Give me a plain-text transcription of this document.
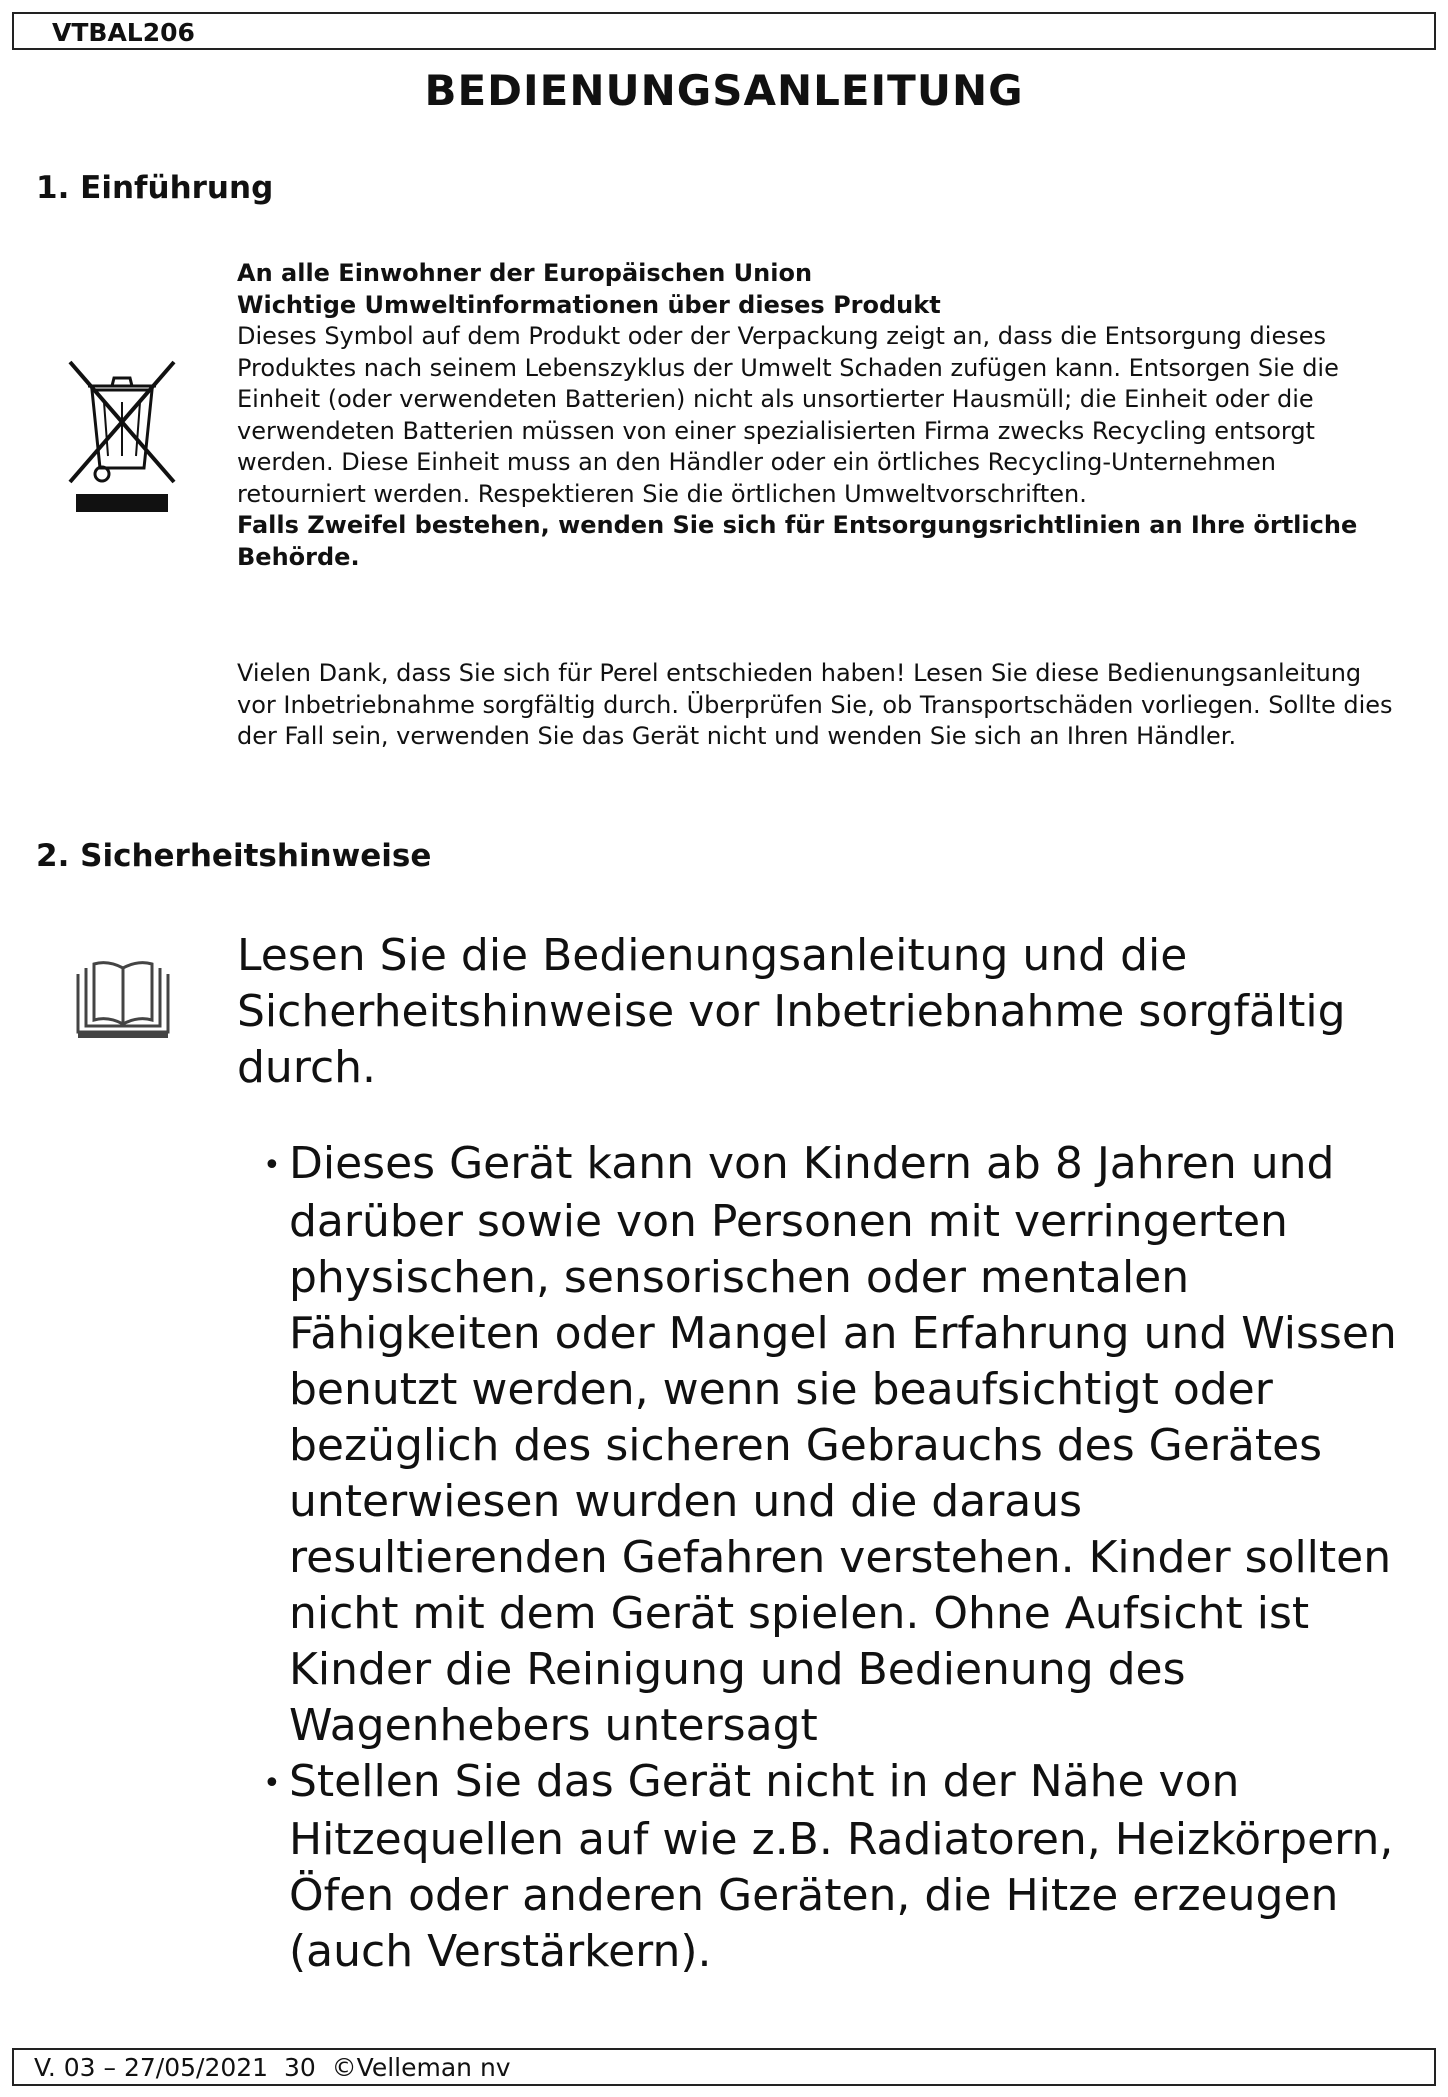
VTBAL206
BEDIENUNGSANLEITUNG
1. Einführung

An alle Einwohner der Europäischen Union

Wichtige Umweltinformationen über dieses Produkt

Dieses Symbol auf dem Produkt oder der Verpackung zeigt an, dass die Entsorgung dieses Produktes nach seinem Lebenszyklus der Umwelt Schaden zufügen kann. Entsorgen Sie die Einheit (oder verwendeten Batterien) nicht als unsortierter Hausmüll; die Einheit oder die verwendeten Batterien müssen von einer spezialisierten Firma zwecks Recycling entsorgt werden. Diese Einheit muss an den Händler oder ein örtliches Recycling-Unternehmen retourniert werden. Respektieren Sie die örtlichen Umweltvorschriften.

Falls Zweifel bestehen, wenden Sie sich für Entsorgungsrichtlinien an Ihre örtliche Behörde.

Vielen Dank, dass Sie sich für Perel entschieden haben! Lesen Sie diese Bedienungsanleitung vor Inbetriebnahme sorgfältig durch. Überprüfen Sie, ob Transportschäden vorliegen. Sollte dies der Fall sein, verwenden Sie das Gerät nicht und wenden Sie sich an Ihren Händler.
2. Sicherheitshinweise
Lesen Sie die Bedienungsanleitung und die Sicherheitshinweise vor Inbetriebnahme sorgfältig durch.
• Dieses Gerät kann von Kindern ab 8 Jahren und darüber sowie von Personen mit verringerten physischen, sensorischen oder mentalen Fähigkeiten oder Mangel an Erfahrung und Wissen benutzt werden, wenn sie beaufsichtigt oder bezüglich des sicheren Gebrauchs des Gerätes unterwiesen wurden und die daraus resultierenden Gefahren verstehen. Kinder sollten nicht mit dem Gerät spielen. Ohne Aufsicht ist Kinder die Reinigung und Bedienung des Wagenhebers untersagt
• Stellen Sie das Gerät nicht in der Nähe von Hitzequellen auf wie z.B. Radiatoren, Heizkörpern, Öfen oder anderen Geräten, die Hitze erzeugen (auch Verstärkern).
V. 03 – 27/05/2021  30  ©Velleman nv
